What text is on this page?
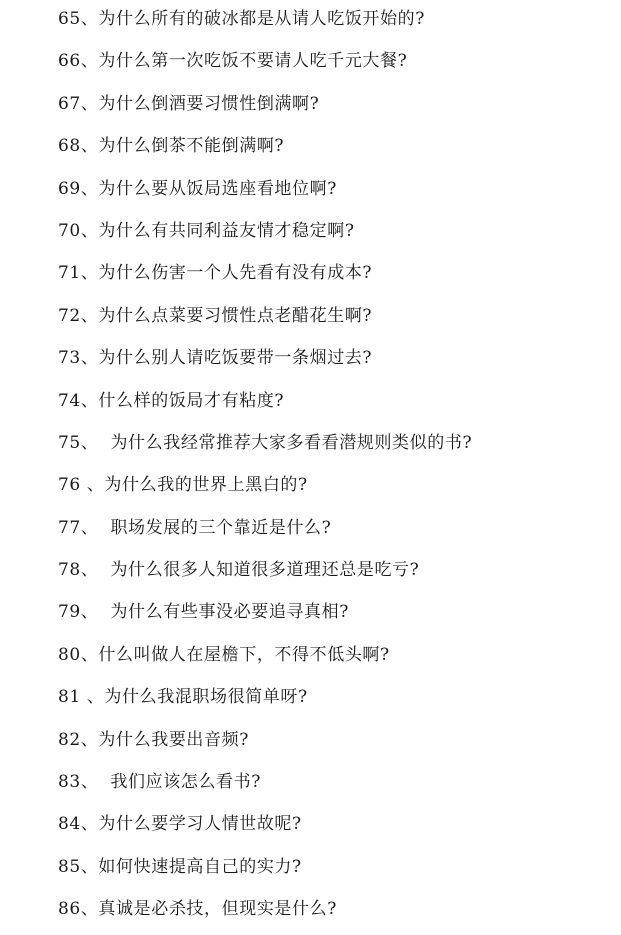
65、为什么所有的破冰都是从请人吃饭开始的?
66、为什么第一次吃饭不要请人吃千元大餐?
67、为什么倒酒要习惯性倒满啊?
68、为什么倒茶不能倒满啊?
69、为什么要从饭局选座看地位啊?
70、为什么有共同利益友情才稳定啊?
71、为什么伤害一个人先看有没有成本?
72、为什么点菜要习惯性点老醋花生啊?
73、为什么别人请吃饭要带一条烟过去?
74、什么样的饭局才有粘度?
75、  为什么我经常推荐大家多看看潜规则类似的书?
76 、为什么我的世界上黑白的?
77、  职场发展的三个靠近是什么?
78、  为什么很多人知道很多道理还总是吃亏?
79、  为什么有些事没必要追寻真相?
80、什么叫做人在屋檐下，不得不低头啊?
81 、为什么我混职场很简单呀?
82、为什么我要出音频?
83、  我们应该怎么看书?
84、为什么要学习人情世故呢?
85、如何快速提高自己的实力?
86、真诚是必杀技，但现实是什么?
